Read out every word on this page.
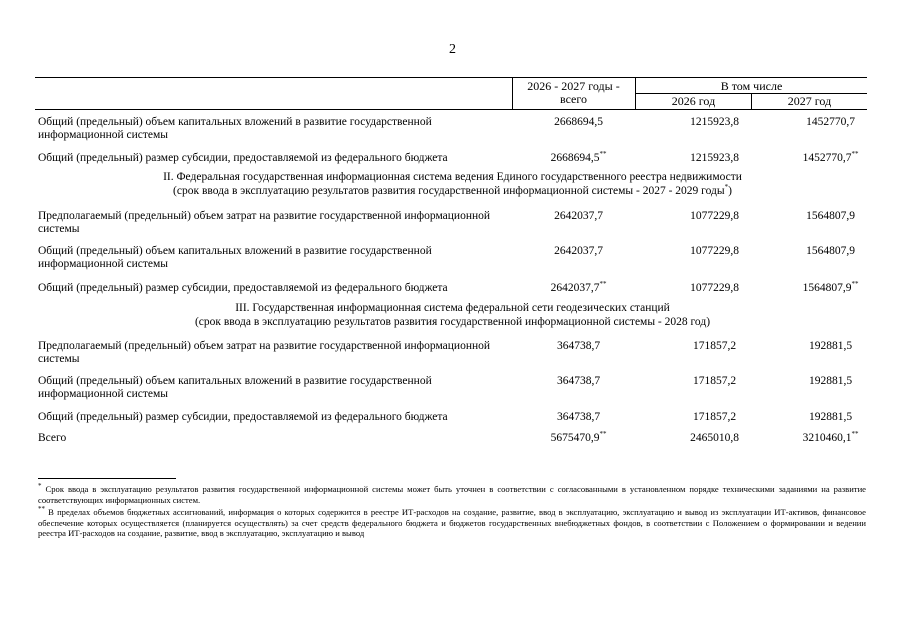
2
2026 - 2027 годы - всего
В том числе
2026 год	2027 год
Общий (предельный) объем капитальных вложений в развитие государственной информационной системы
2668694,5	1215923,8	1452770,7
Общий (предельный) размер субсидии, предоставляемой из федерального бюджета	2668694,5**	1215923,8	1452770,7**
II. Федеральная государственная информационная система ведения Единого государственного реестра недвижимости
(срок ввода в эксплуатацию результатов развития государственной информационной системы - 2027 - 2029 годы*)
Предполагаемый (предельный) объем затрат на развитие государственной информационной системы
2642037,7	1077229,8	1564807,9
Общий (предельный) объем капитальных вложений в развитие государственной информационной системы
2642037,7	1077229,8	1564807,9
Общий (предельный) размер субсидии, предоставляемой из федерального бюджета	2642037,7**	1077229,8	1564807,9**
III. Государственная информационная система федеральной сети геодезических станций
(срок ввода в эксплуатацию результатов развития государственной информационной системы - 2028 год)
Предполагаемый (предельный) объем затрат на развитие государственной информационной системы
364738,7	171857,2	192881,5
Общий (предельный) объем капитальных вложений в развитие государственной информационной системы
364738,7	171857,2	192881,5
Общий (предельный) размер субсидии, предоставляемой из федерального бюджета	364738,7	171857,2	192881,5
Всего	5675470,9**	2465010,8	3210460,1**
* Срок ввода в эксплуатацию результатов развития государственной информационной системы может быть уточнен в соответствии с согласованными в установленном порядке техническими заданиями на развитие соответствующих информационных систем.
** В пределах объемов бюджетных ассигнований, информация о которых содержится в реестре ИТ-расходов на создание, развитие, ввод в эксплуатацию, эксплуатацию и вывод из эксплуатации ИТ-активов, финансовое обеспечение которых осуществляется (планируется осуществлять) за счет средств федерального бюджета и бюджетов государственных внебюджетных фондов, в соответствии с Положением о формировании и ведении реестра ИТ-расходов на создание, развитие, ввод в эксплуатацию, эксплуатацию и вывод
